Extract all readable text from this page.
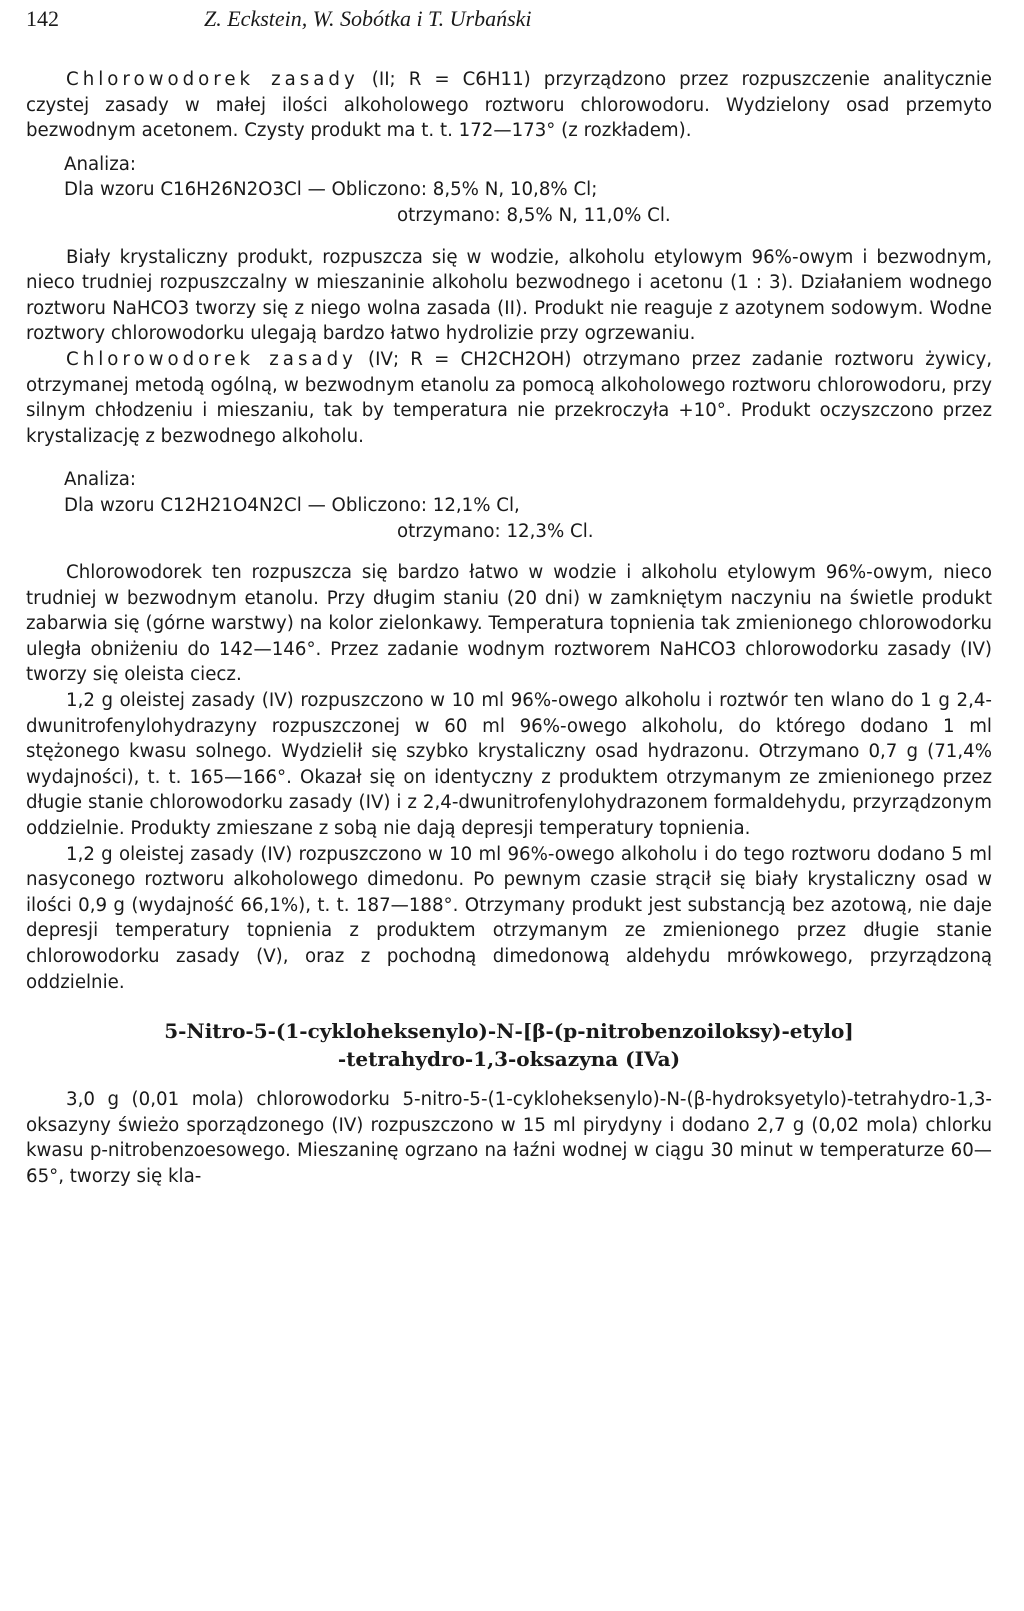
142	Z. Eckstein, W. Sobótka i T. Urbański

Chlorowodorek zasady (II; R = C6H11) przyrządzono przez rozpuszczenie analitycznie czystej zasady w małej ilości alkoholowego roztworu chlorowodoru. Wydzielony osad przemyto bezwodnym acetonem. Czysty produkt ma t. t. 172—173° (z rozkładem).

Analiza:
Dla wzoru C16H26N2O3Cl — Obliczono: 8,5% N, 10,8% Cl;
otrzymano: 8,5% N, 11,0% Cl.

Biały krystaliczny produkt, rozpuszcza się w wodzie, alkoholu etylowym 96%-owym i bezwodnym, nieco trudniej rozpuszczalny w mieszaninie alkoholu bezwodnego i acetonu (1 : 3). Działaniem wodnego roztworu NaHCO3 tworzy się z niego wolna zasada (II). Produkt nie reaguje z azotynem sodowym. Wodne roztwory chlorowodorku ulegają bardzo łatwo hydrolizie przy ogrzewaniu.

Chlorowodorek zasady (IV; R = CH2CH2OH) otrzymano przez zadanie roztworu żywicy, otrzymanej metodą ogólną, w bezwodnym etanolu za pomocą alkoholowego roztworu chlorowodoru, przy silnym chłodzeniu i mieszaniu, tak by temperatura nie przekroczyła +10°. Produkt oczyszczono przez krystalizację z bezwodnego alkoholu.

Analiza:
Dla wzoru C12H21O4N2Cl — Obliczono: 12,1% Cl,
otrzymano: 12,3% Cl.

Chlorowodorek ten rozpuszcza się bardzo łatwo w wodzie i alkoholu etylowym 96%-owym, nieco trudniej w bezwodnym etanolu. Przy długim staniu (20 dni) w zamkniętym naczyniu na świetle produkt zabarwia się (górne warstwy) na kolor zielonkawy. Temperatura topnienia tak zmienionego chlorowodorku uległa obniżeniu do 142—146°. Przez zadanie wodnym roztworem NaHCO3 chlorowodorku zasady (IV) tworzy się oleista ciecz.

1,2 g oleistej zasady (IV) rozpuszczono w 10 ml 96%-owego alkoholu i roztwór ten wlano do 1 g 2,4-dwunitrofenylohydrazyny rozpuszczonej w 60 ml 96%-owego alkoholu, do którego dodano 1 ml stężonego kwasu solnego. Wydzielił się szybko krystaliczny osad hydrazonu. Otrzymano 0,7 g (71,4% wydajności), t. t. 165—166°. Okazał się on identyczny z produktem otrzymanym ze zmienionego przez długie stanie chlorowodorku zasady (IV) i z 2,4-dwunitrofenylohydrazonem formaldehydu, przyrządzonym oddzielnie. Produkty zmieszane z sobą nie dają depresji temperatury topnienia.

1,2 g oleistej zasady (IV) rozpuszczono w 10 ml 96%-owego alkoholu i do tego roztworu dodano 5 ml nasyconego roztworu alkoholowego dimedonu. Po pewnym czasie strącił się biały krystaliczny osad w ilości 0,9 g (wydajność 66,1%), t. t. 187—188°. Otrzymany produkt jest substancją bez azotową, nie daje depresji temperatury topnienia z produktem otrzymanym ze zmienionego przez długie stanie chlorowodorku zasady (V), oraz z pochodną dimedonową aldehydu mrówkowego, przyrządzoną oddzielnie.

5-Nitro-5-(1-cykloheksenylo)-N-[β-(p-nitrobenzoiloksy)-etylo]
-tetrahydro-1,3-oksazyna (IVa)

3,0 g (0,01 mola) chlorowodorku 5-nitro-5-(1-cykloheksenylo)-N-(β-hydroksyetylo)-tetrahydro-1,3-oksazyny świeżo sporządzonego (IV) rozpuszczono w 15 ml pirydyny i dodano 2,7 g (0,02 mola) chlorku kwasu p-nitrobenzoesowego. Mieszaninę ogrzano na łaźni wodnej w ciągu 30 minut w temperaturze 60—65°, tworzy się kla-
